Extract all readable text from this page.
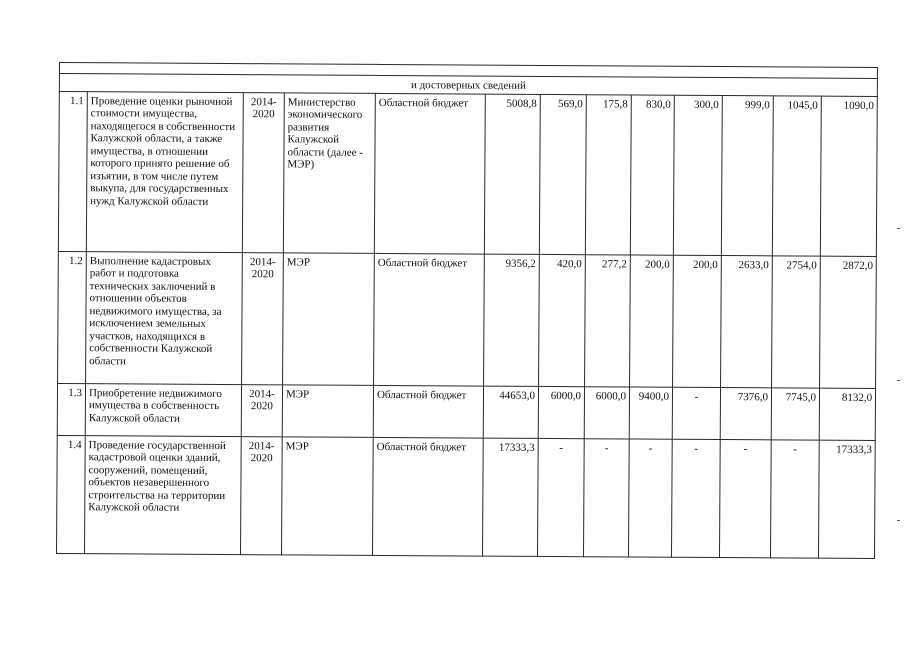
и достоверных сведений												
1.1	Проведение оценки рыночной стоимости имущества, находящегося в собственности Калужской области, а также имущества, в отношении которого принято решение об изъятии, в том числе путем выкупа, для государственных нужд Калужской области	2014-2020	Министерство экономического развития Калужской области (далее - МЭР)	Областной бюджет	5008,8	569,0	175,8	830,0	300,0	999,0	1045,0	1090,0
1.2	Выполнение кадастровых работ и подготовка технических заключений в отношении объектов недвижимого имущества, за исключением земельных участков, находящихся в собственности Калужской области	2014-2020	МЭР	Областной бюджет	9356,2	420,0	277,2	200,0	200,0	2633,0	2754,0	2872,0
1.3	Приобретение недвижимого имущества в собственность Калужской области	2014-2020	МЭР	Областной бюджет	44653,0	6000,0	6000,0	9400,0	-	7376,0	7745,0	8132,0
1.4	Проведение государственной кадастровой оценки зданий, сооружений, помещений, объектов незавершенного строительства на территории Калужской области	2014-2020	МЭР	Областной бюджет	17333,3	-	-	-	-	-	-	17333,3
